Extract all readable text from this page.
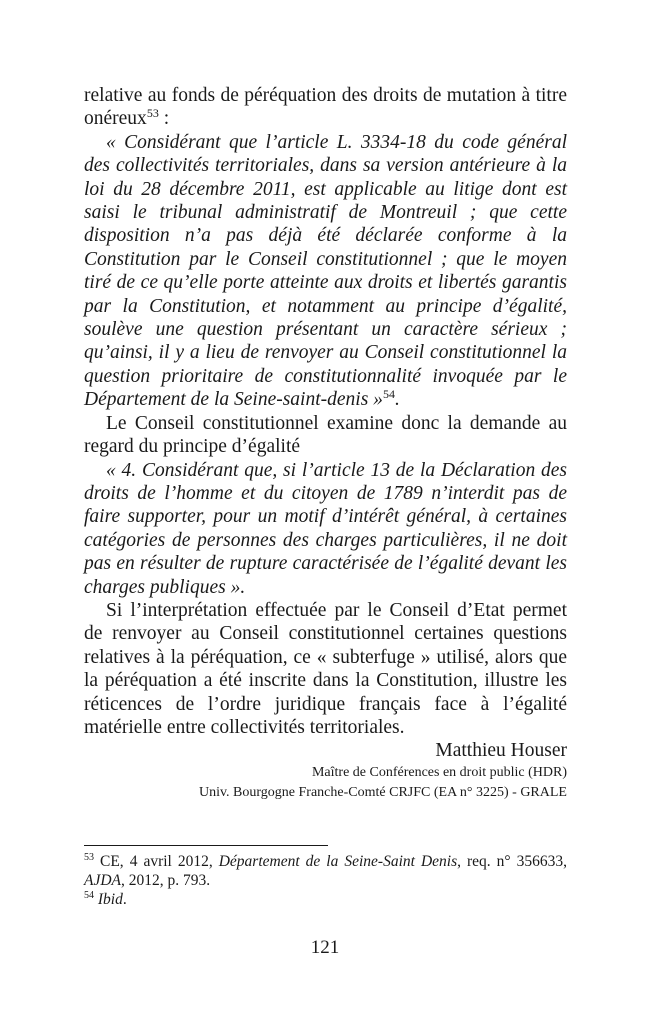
relative au fonds de péréquation des droits de mutation à titre onéreux$^{53}$ :

« Considérant que l’article L. 3334-18 du code général des collectivités territoriales, dans sa version antérieure à la loi du 28 décembre 2011, est applicable au litige dont est saisi le tribunal administratif de Montreuil ; que cette disposition n’a pas déjà été déclarée conforme à la Constitution par le Conseil constitutionnel ; que le moyen tiré de ce qu’elle porte atteinte aux droits et libertés garantis par la Constitution, et notamment au principe d’égalité, soulève une question présentant un caractère sérieux ; qu’ainsi, il y a lieu de renvoyer au Conseil constitutionnel la question prioritaire de constitutionnalité invoquée par le Département de la Seine-saint-denis »$^{54}$.

Le Conseil constitutionnel examine donc la demande au regard du principe d’égalité

« 4. Considérant que, si l’article 13 de la Déclaration des droits de l’homme et du citoyen de 1789 n’interdit pas de faire supporter, pour un motif d’intérêt général, à certaines catégories de personnes des charges particulières, il ne doit pas en résulter de rupture caractérisée de l’égalité devant les charges publiques ».

Si l’interprétation effectuée par le Conseil d’Etat permet de renvoyer au Conseil constitutionnel certaines questions relatives à la péréquation, ce « subterfuge » utilisé, alors que la péréquation a été inscrite dans la Constitution, illustre les réticences de l’ordre juridique français face à l’égalité matérielle entre collectivités territoriales.

Matthieu Houser

Maître de Conférences en droit public (HDR)

Univ. Bourgogne Franche-Comté CRJFC (EA n° 3225) - GRALE

$^{53}$ CE, 4 avril 2012, Département de la Seine-Saint Denis, req. n° 356633, AJDA, 2012, p. 793.

$^{54}$ Ibid.

121
